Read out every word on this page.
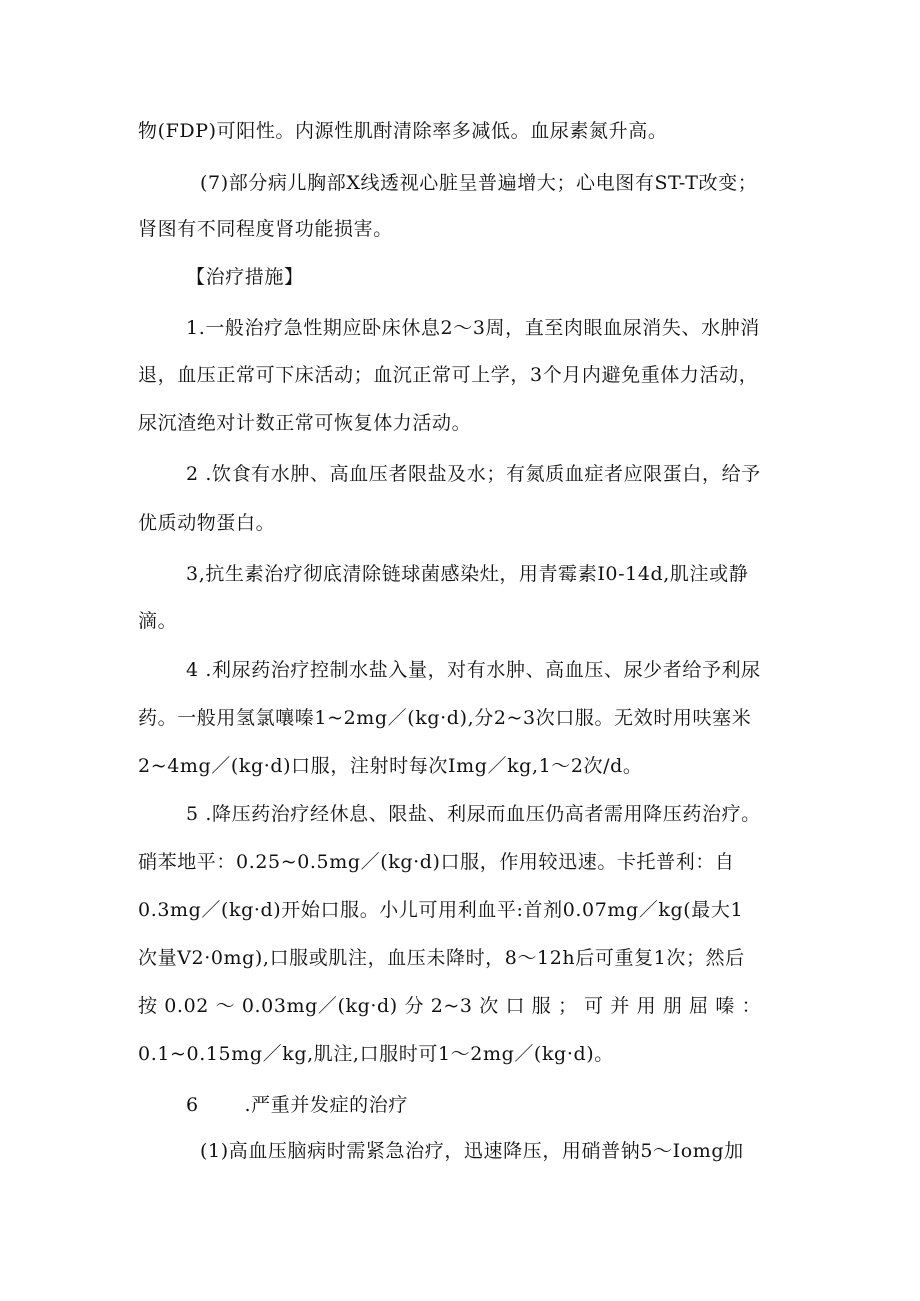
物(FDP)可阳性。内源性肌酎清除率多减低。血尿素氮升高。
(7)部分病儿胸部X线透视心脏呈普遍增大；心电图有ST-T改变；
肾图有不同程度肾功能损害。
【治疗措施】
1.一般治疗急性期应卧床休息2～3周，直至肉眼血尿消失、水肿消
退，血压正常可下床活动；血沉正常可上学，3个月内避免重体力活动，
尿沉渣绝对计数正常可恢复体力活动。
2 .饮食有水肿、高血压者限盐及水；有氮质血症者应限蛋白，给予
优质动物蛋白。
3,抗生素治疗彻底清除链球菌感染灶，用青霉素I0-14d,肌注或静
滴。
4 .利尿药治疗控制水盐入量，对有水肿、高血压、尿少者给予利尿
药。一般用氢氯嚷嗪1~2mg／(kg·d),分2~3次口服。无效时用呋塞米
2~4mg／(kg·d)口服，注射时每次Img／kg,1～2次/d。
5 .降压药治疗经休息、限盐、利尿而血压仍高者需用降压药治疗。
硝苯地平：0.25~0.5mg／(kg·d)口服，作用较迅速。卡托普利：自
0.3mg／(kg·d)开始口服。小儿可用利血平:首剂0.07mg／kg(最大1
次量V2·0mg),口服或肌注，血压未降时，8～12h后可重复1次；然后
按 0.02 ～ 0.03mg／(kg·d) 分 2~3 次 口 服 ； 可 并 用 朋 屈 嗪 ：
0.1~0.15mg／kg,肌注,口服时可1～2mg／(kg·d)。
6 　　.严重并发症的治疗
(1)高血压脑病时需紧急治疗，迅速降压，用硝普钠5～Iomg加
